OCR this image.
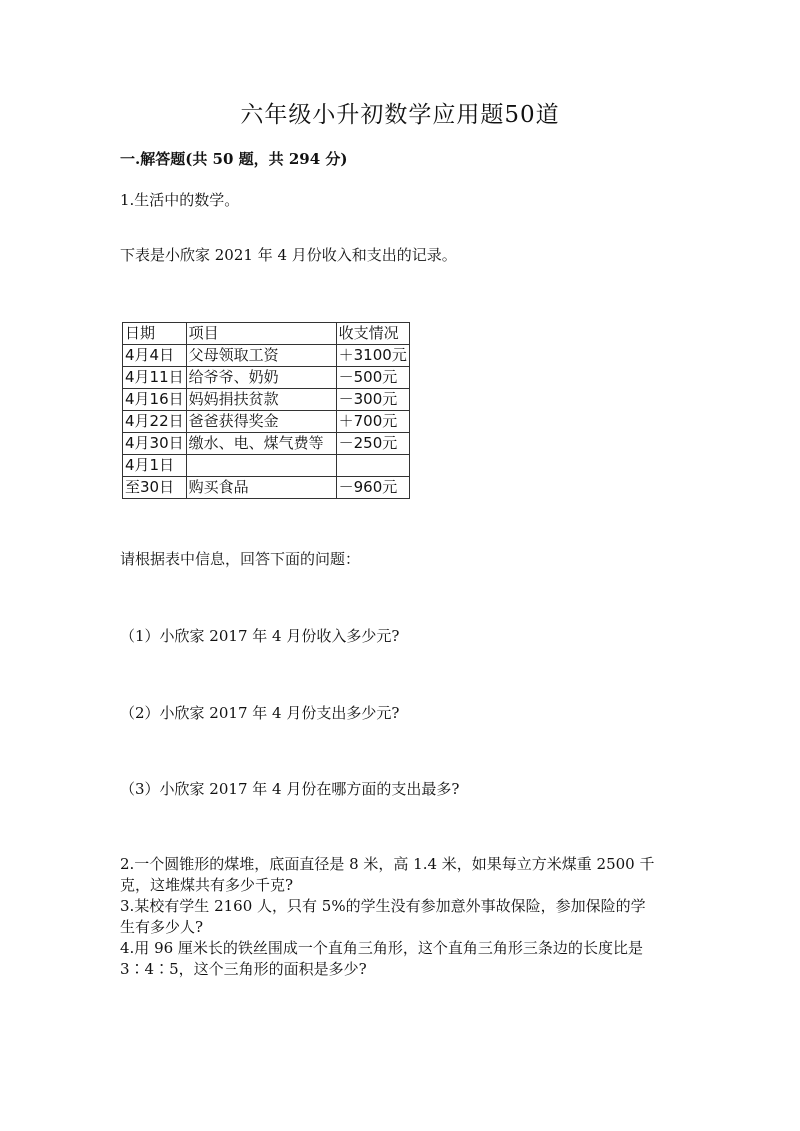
六年级小升初数学应用题50道
一.解答题(共 50 题，共 294 分)
1.生活中的数学。
下表是小欣家 2021 年 4 月份收入和支出的记录。
日期	项目	收支情况
4月4日	父母领取工资	＋3100元
4月11日	给爷爷、奶奶	－500元
4月16日	妈妈捐扶贫款	－300元
4月22日	爸爸获得奖金	＋700元
4月30日	缴水、电、煤气费等	－250元
4月1日		
至30日	购买食品	－960元
请根据表中信息，回答下面的问题：
（1）小欣家 2017 年 4 月份收入多少元?
（2）小欣家 2017 年 4 月份支出多少元?
（3）小欣家 2017 年 4 月份在哪方面的支出最多?
2.一个圆锥形的煤堆，底面直径是 8 米，高 1.4 米，如果每立方米煤重 2500 千
克，这堆煤共有多少千克?
3.某校有学生 2160 人，只有 5%的学生没有参加意外事故保险，参加保险的学
生有多少人?
4.用 96 厘米长的铁丝围成一个直角三角形，这个直角三角形三条边的长度比是
3∶4∶5，这个三角形的面积是多少?
